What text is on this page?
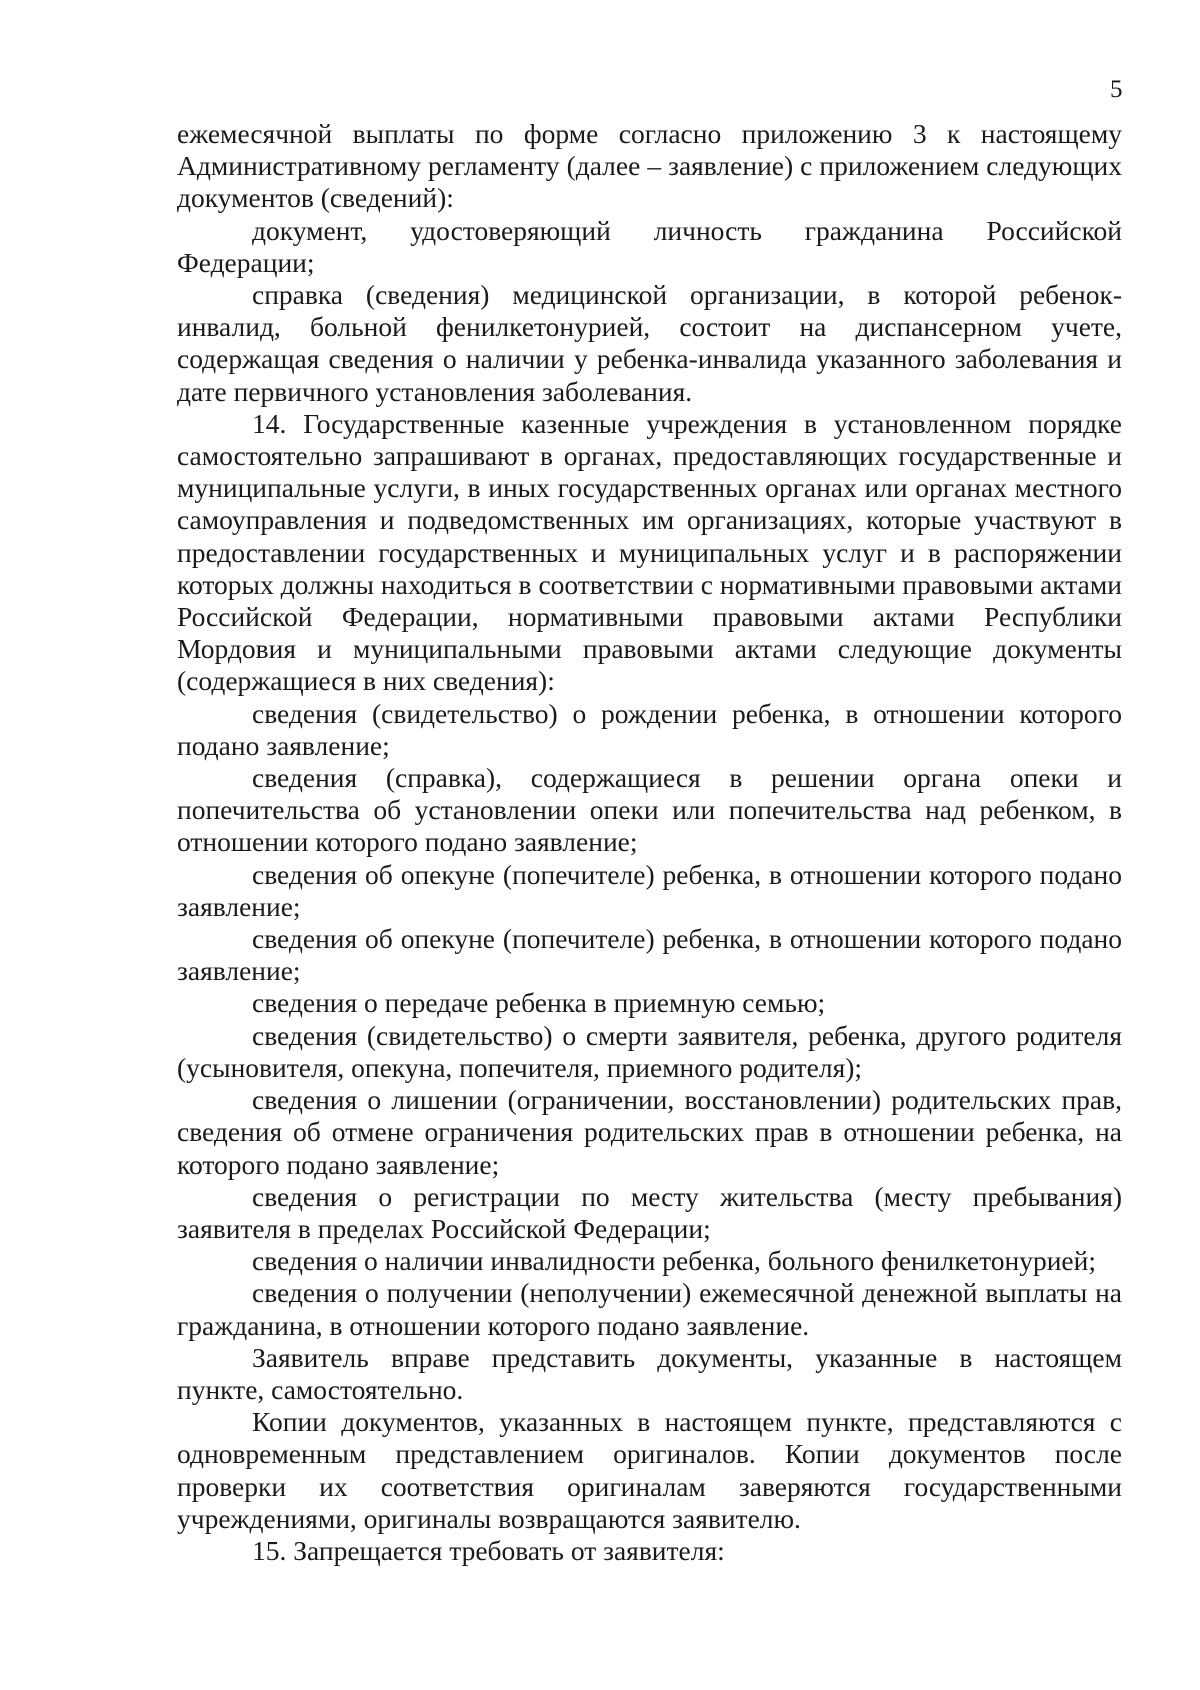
5

ежемесячной выплаты по форме согласно приложению 3 к настоящему Административному регламенту (далее – заявление) с приложением следующих документов (сведений):

документ, удостоверяющий личность гражданина Российской Федерации;

справка (сведения) медицинской организации, в которой ребенок-инвалид, больной фенилкетонурией, состоит на диспансерном учете, содержащая сведения о наличии у ребенка-инвалида указанного заболевания и дате первичного установления заболевания.

14. Государственные казенные учреждения в установленном порядке самостоятельно запрашивают в органах, предоставляющих государственные и муниципальные услуги, в иных государственных органах или органах местного самоуправления и подведомственных им организациях, которые участвуют в предоставлении государственных и муниципальных услуг и в распоряжении которых должны находиться в соответствии с нормативными правовыми актами Российской Федерации, нормативными правовыми актами Республики Мордовия и муниципальными правовыми актами следующие документы (содержащиеся в них сведения):

сведения (свидетельство) о рождении ребенка, в отношении которого подано заявление;

сведения (справка), содержащиеся в решении органа опеки и попечительства об установлении опеки или попечительства над ребенком, в отношении которого подано заявление;

сведения об опекуне (попечителе) ребенка, в отношении которого подано заявление;

сведения об опекуне (попечителе) ребенка, в отношении которого подано заявление;

сведения о передаче ребенка в приемную семью;

сведения (свидетельство) о смерти заявителя, ребенка, другого родителя (усыновителя, опекуна, попечителя, приемного родителя);

сведения о лишении (ограничении, восстановлении) родительских прав, сведения об отмене ограничения родительских прав в отношении ребенка, на которого подано заявление;

сведения о регистрации по месту жительства (месту пребывания) заявителя в пределах Российской Федерации;

сведения о наличии инвалидности ребенка, больного фенилкетонурией;

сведения о получении (неполучении) ежемесячной денежной выплаты на гражданина, в отношении которого подано заявление.

Заявитель вправе представить документы, указанные в настоящем пункте, самостоятельно.

Копии документов, указанных в настоящем пункте, представляются с одновременным представлением оригиналов. Копии документов после проверки их соответствия оригиналам заверяются государственными учреждениями, оригиналы возвращаются заявителю.

15. Запрещается требовать от заявителя:
